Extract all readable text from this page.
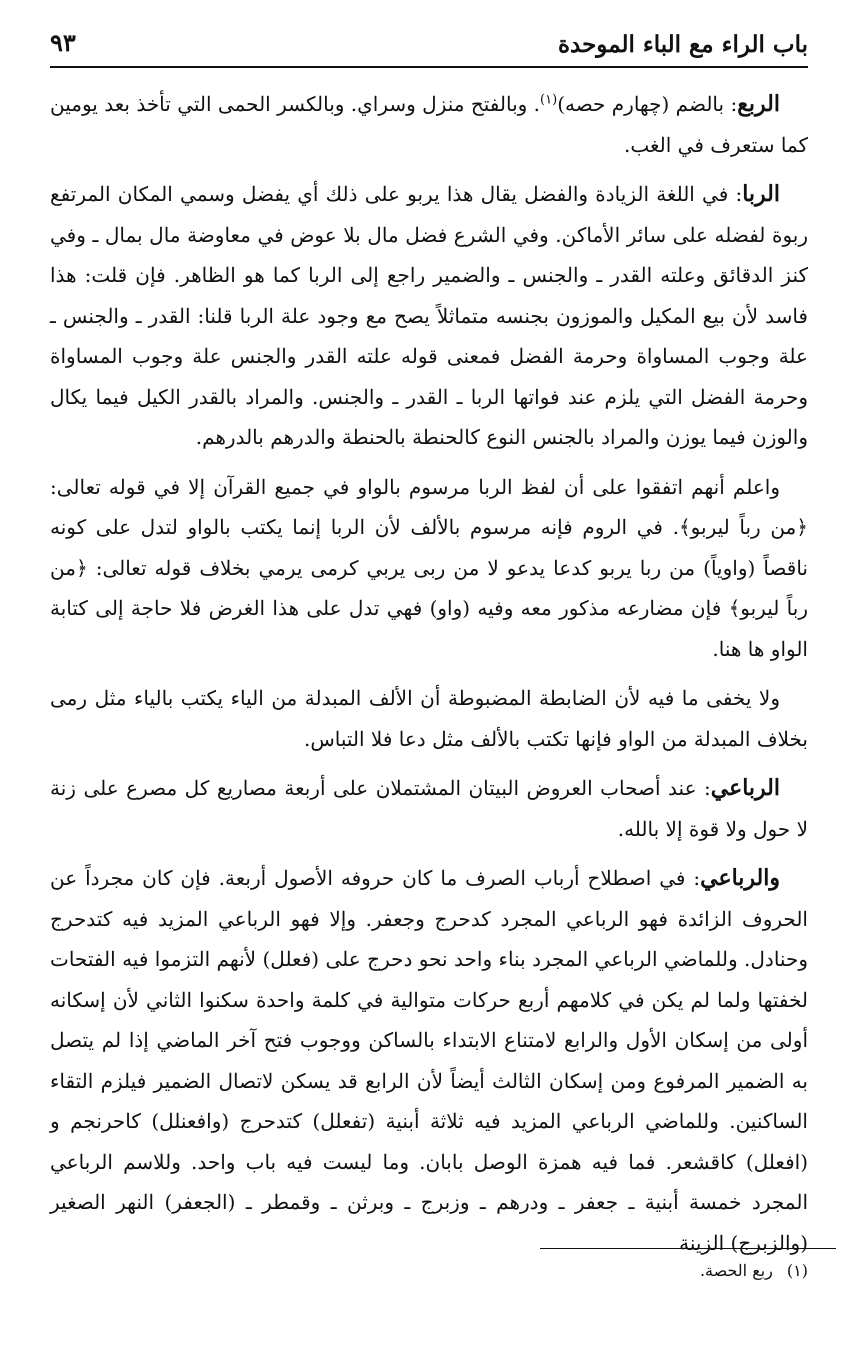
باب الراء مع الباء الموحدة
٩٣

الربع: بالضم (چهارم حصه)$^{(١)}$. وبالفتح منزل وسراي. وبالكسر الحمى التي تأخذ بعد يومين كما ستعرف في الغب.

الربا: في اللغة الزيادة والفضل يقال هذا يربو على ذلك أي يفضل وسمي المكان المرتفع ربوة لفضله على سائر الأماكن. وفي الشرع فضل مال بلا عوض في معاوضة مال بمال ـ وفي كنز الدقائق وعلته القدر ـ والجنس ـ والضمير راجع إلى الربا كما هو الظاهر. فإن قلت: هذا فاسد لأن بيع المكيل والموزون بجنسه متماثلاً يصح مع وجود علة الربا قلنا: القدر ـ والجنس ـ علة وجوب المساواة وحرمة الفضل فمعنى قوله علته القدر والجنس علة وجوب المساواة وحرمة الفضل التي يلزم عند فواتها الربا ـ القدر ـ والجنس. والمراد بالقدر الكيل فيما يكال والوزن فيما يوزن والمراد بالجنس النوع كالحنطة بالحنطة والدرهم بالدرهم.

واعلم أنهم اتفقوا على أن لفظ الربا مرسوم بالواو في جميع القرآن إلا في قوله تعالى: ﴿من رباً ليربو﴾. في الروم فإنه مرسوم بالألف لأن الربا إنما يكتب بالواو لتدل على كونه ناقصاً (واوياً) من ربا يربو كدعا يدعو لا من ربى يربي كرمى يرمي بخلاف قوله تعالى: ﴿من رباً ليربو﴾ فإن مضارعه مذكور معه وفيه (واو) فهي تدل على هذا الغرض فلا حاجة إلى كتابة الواو ها هنا.

ولا يخفى ما فيه لأن الضابطة المضبوطة أن الألف المبدلة من الياء يكتب بالياء مثل رمى بخلاف المبدلة من الواو فإنها تكتب بالألف مثل دعا فلا التباس.

الرباعي: عند أصحاب العروض البيتان المشتملان على أربعة مصاريع كل مصرع على زنة لا حول ولا قوة إلا بالله.

والرباعي: في اصطلاح أرباب الصرف ما كان حروفه الأصول أربعة. فإن كان مجرداً عن الحروف الزائدة فهو الرباعي المجرد كدحرج وجعفر. وإلا فهو الرباعي المزيد فيه كتدحرج وحنادل. وللماضي الرباعي المجرد بناء واحد نحو دحرج على (فعلل) لأنهم التزموا فيه الفتحات لخفتها ولما لم يكن في كلامهم أربع حركات متوالية في كلمة واحدة سكنوا الثاني لأن إسكانه أولى من إسكان الأول والرابع لامتناع الابتداء بالساكن ووجوب فتح آخر الماضي إذا لم يتصل به الضمير المرفوع ومن إسكان الثالث أيضاً لأن الرابع قد يسكن لاتصال الضمير فيلزم التقاء الساكنين. وللماضي الرباعي المزيد فيه ثلاثة أبنية (تفعلل) كتدحرج (وافعنلل) كاحرنجم و (افعلل) كاقشعر. فما فيه همزة الوصل بابان. وما ليست فيه باب واحد. وللاسم الرباعي المجرد خمسة أبنية ـ جعفر ـ ودرهم ـ وزبرج ـ وبرثن ـ وقمطر ـ (الجعفر) النهر الصغير (والزبرج) الزينة

(١)ربع الحصة.
